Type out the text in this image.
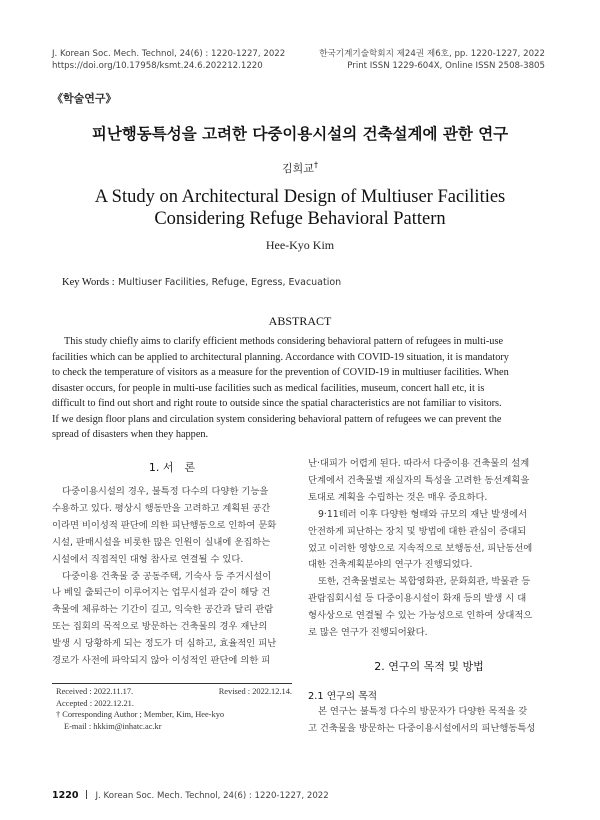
J. Korean Soc. Mech. Technol, 24(6) : 1220-1227, 2022
https://doi.org/10.17958/ksmt.24.6.202212.1220
한국기계기술학회지 제24권 제6호, pp. 1220-1227, 2022
Print ISSN 1229-604X, Online ISSN 2508-3805
《학술연구》
피난행동특성을 고려한 다중이용시설의 건축설계에 관한 연구
김희교†
A Study on Architectural Design of Multiuser Facilities
Considering Refuge Behavioral Pattern
Hee-Kyo Kim
Key Words : Multiuser Facilities, Refuge, Egress, Evacuation
ABSTRACT
This study chiefly aims to clarify efficient methods considering behavioral pattern of refugees in multi-use
facilities which can be applied to architectural planning. Accordance with COVID-19 situation, it is mandatory
to check the temperature of visitors as a measure for the prevention of COVID-19 in multiuser facilities. When
disaster occurs, for people in multi-use facilities such as medical facilities, museum, concert hall etc, it is
difficult to find out short and right route to outside since the spatial characteristics are not familiar to visitors.
If we design floor plans and circulation system considering behavioral pattern of refugees we can prevent the
spread of disasters when they happen.
1. 서　론
다중이용시설의 경우, 불특정 다수의 다양한 기능을
수용하고 있다. 평상시 행동만을 고려하고 계획된 공간
이라면 비이성적 판단에 의한 피난행동으로 인하여 문화
시설, 판매시설을 비롯한 많은 인원이 실내에 운집하는
시설에서 직접적인 대형 참사로 연결될 수 있다.
다중이용 건축물 중 공동주택, 기숙사 등 주거시설이
나 베일 출퇴근이 이루어지는 업무시설과 같이 해당 건
축물에 체류하는 기간이 길고, 익숙한 공간과 달리 관람
또는 집회의 목적으로 방문하는 건축물의 경우 재난의
발생 시 당황하게 되는 정도가 더 심하고, 효율적인 피난
경로가 사전에 파악되지 않아 이성적인 판단에 의한 피
Received : 2022.11.17.	Revised : 2022.12.14.
Accepted : 2022.12.21.
† Corresponding Author ; Member, Kim, Hee-kyo
E-mail : hkkim@inhatc.ac.kr
난·대피가 어렵게 된다. 따라서 다중이용 건축물의 설계
단계에서 건축물별 재실자의 특성을 고려한 동선계획을
토대로 계획을 수립하는 것은 매우 중요하다.
9·11테러 이후 다양한 형태와 규모의 재난 발생에서
안전하게 피난하는 장치 및 방법에 대한 관심이 증대되
었고 이러한 영향으로 지속적으로 보행동선, 피난동선에
대한 건축계획분야의 연구가 진행되었다.
또한, 건축물별로는 복합영화관, 문화회관, 박물관 등
관람집회시설 등 다중이용시설이 화재 등의 발생 시 대
형사상으로 연결될 수 있는 가능성으로 인하여 상대적으
로 많은 연구가 진행되어왔다.
2. 연구의 목적 및 방법
2.1 연구의 목적
본 연구는 불특정 다수의 방문자가 다양한 목적을 갖
고 건축물을 방문하는 다중이용시설에서의 피난행동특성
1220 J. Korean Soc. Mech. Technol, 24(6) : 1220-1227, 2022
